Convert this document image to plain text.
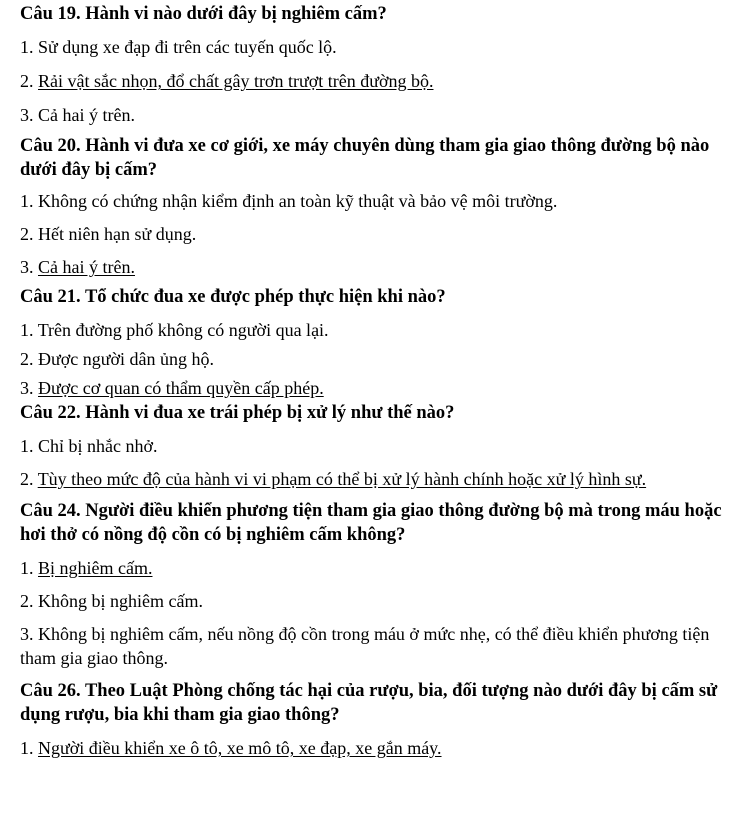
Câu 19. Hành vi nào dưới đây bị nghiêm cấm?

1. Sử dụng xe đạp đi trên các tuyến quốc lộ.

2. Rải vật sắc nhọn, đổ chất gây trơn trượt trên đường bộ.

3. Cả hai ý trên.

Câu 20. Hành vi đưa xe cơ giới, xe máy chuyên dùng tham gia giao thông đường bộ nào dưới đây bị cấm?

1. Không có chứng nhận kiểm định an toàn kỹ thuật và bảo vệ môi trường.

2. Hết niên hạn sử dụng.

3. Cả hai ý trên.

Câu 21. Tổ chức đua xe được phép thực hiện khi nào?

1. Trên đường phố không có người qua lại.

2. Được người dân ủng hộ.

3. Được cơ quan có thẩm quyền cấp phép.

Câu 22. Hành vi đua xe trái phép bị xử lý như thế nào?

1. Chỉ bị nhắc nhở.

2. Tùy theo mức độ của hành vi vi phạm có thể bị xử lý hành chính hoặc xử lý hình sự.

Câu 24. Người điều khiển phương tiện tham gia giao thông đường bộ mà trong máu hoặc hơi thở có nồng độ cồn có bị nghiêm cấm không?

1. Bị nghiêm cấm.

2. Không bị nghiêm cấm.

3. Không bị nghiêm cấm, nếu nồng độ cồn trong máu ở mức nhẹ, có thể điều khiển phương tiện tham gia giao thông.

Câu 26. Theo Luật Phòng chống tác hại của rượu, bia, đối tượng nào dưới đây bị cấm sử dụng rượu, bia khi tham gia giao thông?

1. Người điều khiển xe ô tô, xe mô tô, xe đạp, xe gắn máy.
